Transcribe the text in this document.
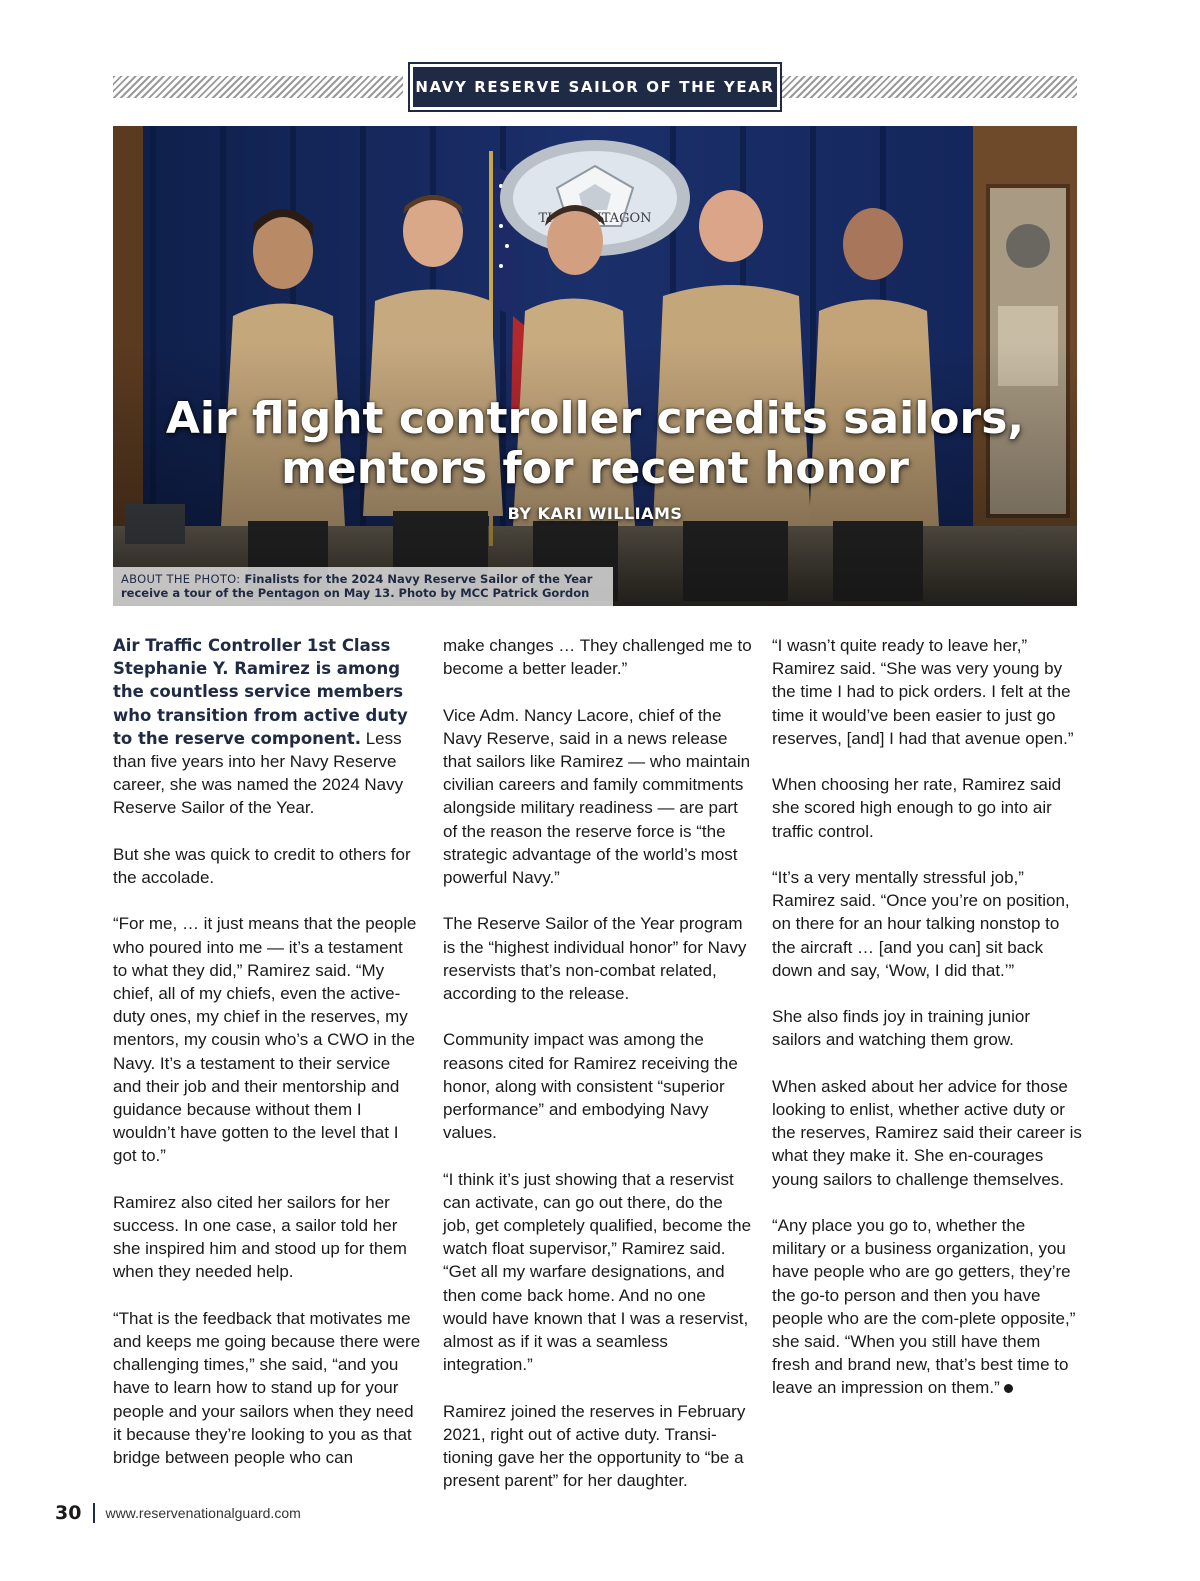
NAVY RESERVE SAILOR OF THE YEAR
Air flight controller credits sailors,
mentors for recent honor
BY KARI WILLIAMS
ABOUT THE PHOTO: Finalists for the 2024 Navy Reserve Sailor of the Year
receive a tour of the Pentagon on May 13. Photo by MCC Patrick Gordon

Air Traffic Controller 1st Class Stephanie Y. Ramirez is among the countless service members who transition from active duty to the reserve component. Less than five years into her Navy Reserve career, she was named the 2024 Navy Reserve Sailor of the Year.

But she was quick to credit to others for the accolade.

“For me, … it just means that the people who poured into me — it’s a testament to what they did,” Ramirez said. “My chief, all of my chiefs, even the active-duty ones, my chief in the reserves, my mentors, my cousin who’s a CWO in the Navy. It’s a testament to their service and their job and their mentorship and guidance because without them I wouldn’t have gotten to the level that I got to.”

Ramirez also cited her sailors for her success. In one case, a sailor told her she inspired him and stood up for them when they needed help.

“That is the feedback that motivates me and keeps me going because there were challenging times,” she said, “and you have to learn how to stand up for your people and your sailors when they need it because they’re looking to you as that bridge between people who can

make changes … They challenged me to become a better leader.”

Vice Adm. Nancy Lacore, chief of the Navy Reserve, said in a news release that sailors like Ramirez — who maintain civilian careers and family commitments alongside military readiness — are part of the reason the reserve force is “the strategic advantage of the world’s most powerful Navy.”

The Reserve Sailor of the Year program is the “highest individual honor” for Navy reservists that’s non-combat related, according to the release.

Community impact was among the reasons cited for Ramirez receiving the honor, along with consistent “superior performance” and embodying Navy values.

“I think it’s just showing that a reservist can activate, can go out there, do the job, get completely qualified, become the watch float supervisor,” Ramirez said. “Get all my warfare designations, and then come back home. And no one would have known that I was a reservist, almost as if it was a seamless integration.”

Ramirez joined the reserves in February 2021, right out of active duty. Transi-tioning gave her the opportunity to “be a present parent” for her daughter.

“I wasn’t quite ready to leave her,” Ramirez said. “She was very young by the time I had to pick orders. I felt at the time it would’ve been easier to just go reserves, [and] I had that avenue open.”

When choosing her rate, Ramirez said she scored high enough to go into air traffic control.

“It’s a very mentally stressful job,” Ramirez said. “Once you’re on position, on there for an hour talking nonstop to the aircraft … [and you can] sit back down and say, ‘Wow, I did that.’”

She also finds joy in training junior sailors and watching them grow.

When asked about her advice for those looking to enlist, whether active duty or the reserves, Ramirez said their career is what they make it. She en-courages young sailors to challenge themselves.

“Any place you go to, whether the military or a business organization, you have people who are go getters, they’re the go-to person and then you have people who are the com-plete opposite,” she said. “When you still have them fresh and brand new, that’s best time to leave an impression on them.”

30 www.reservenationalguard.com
